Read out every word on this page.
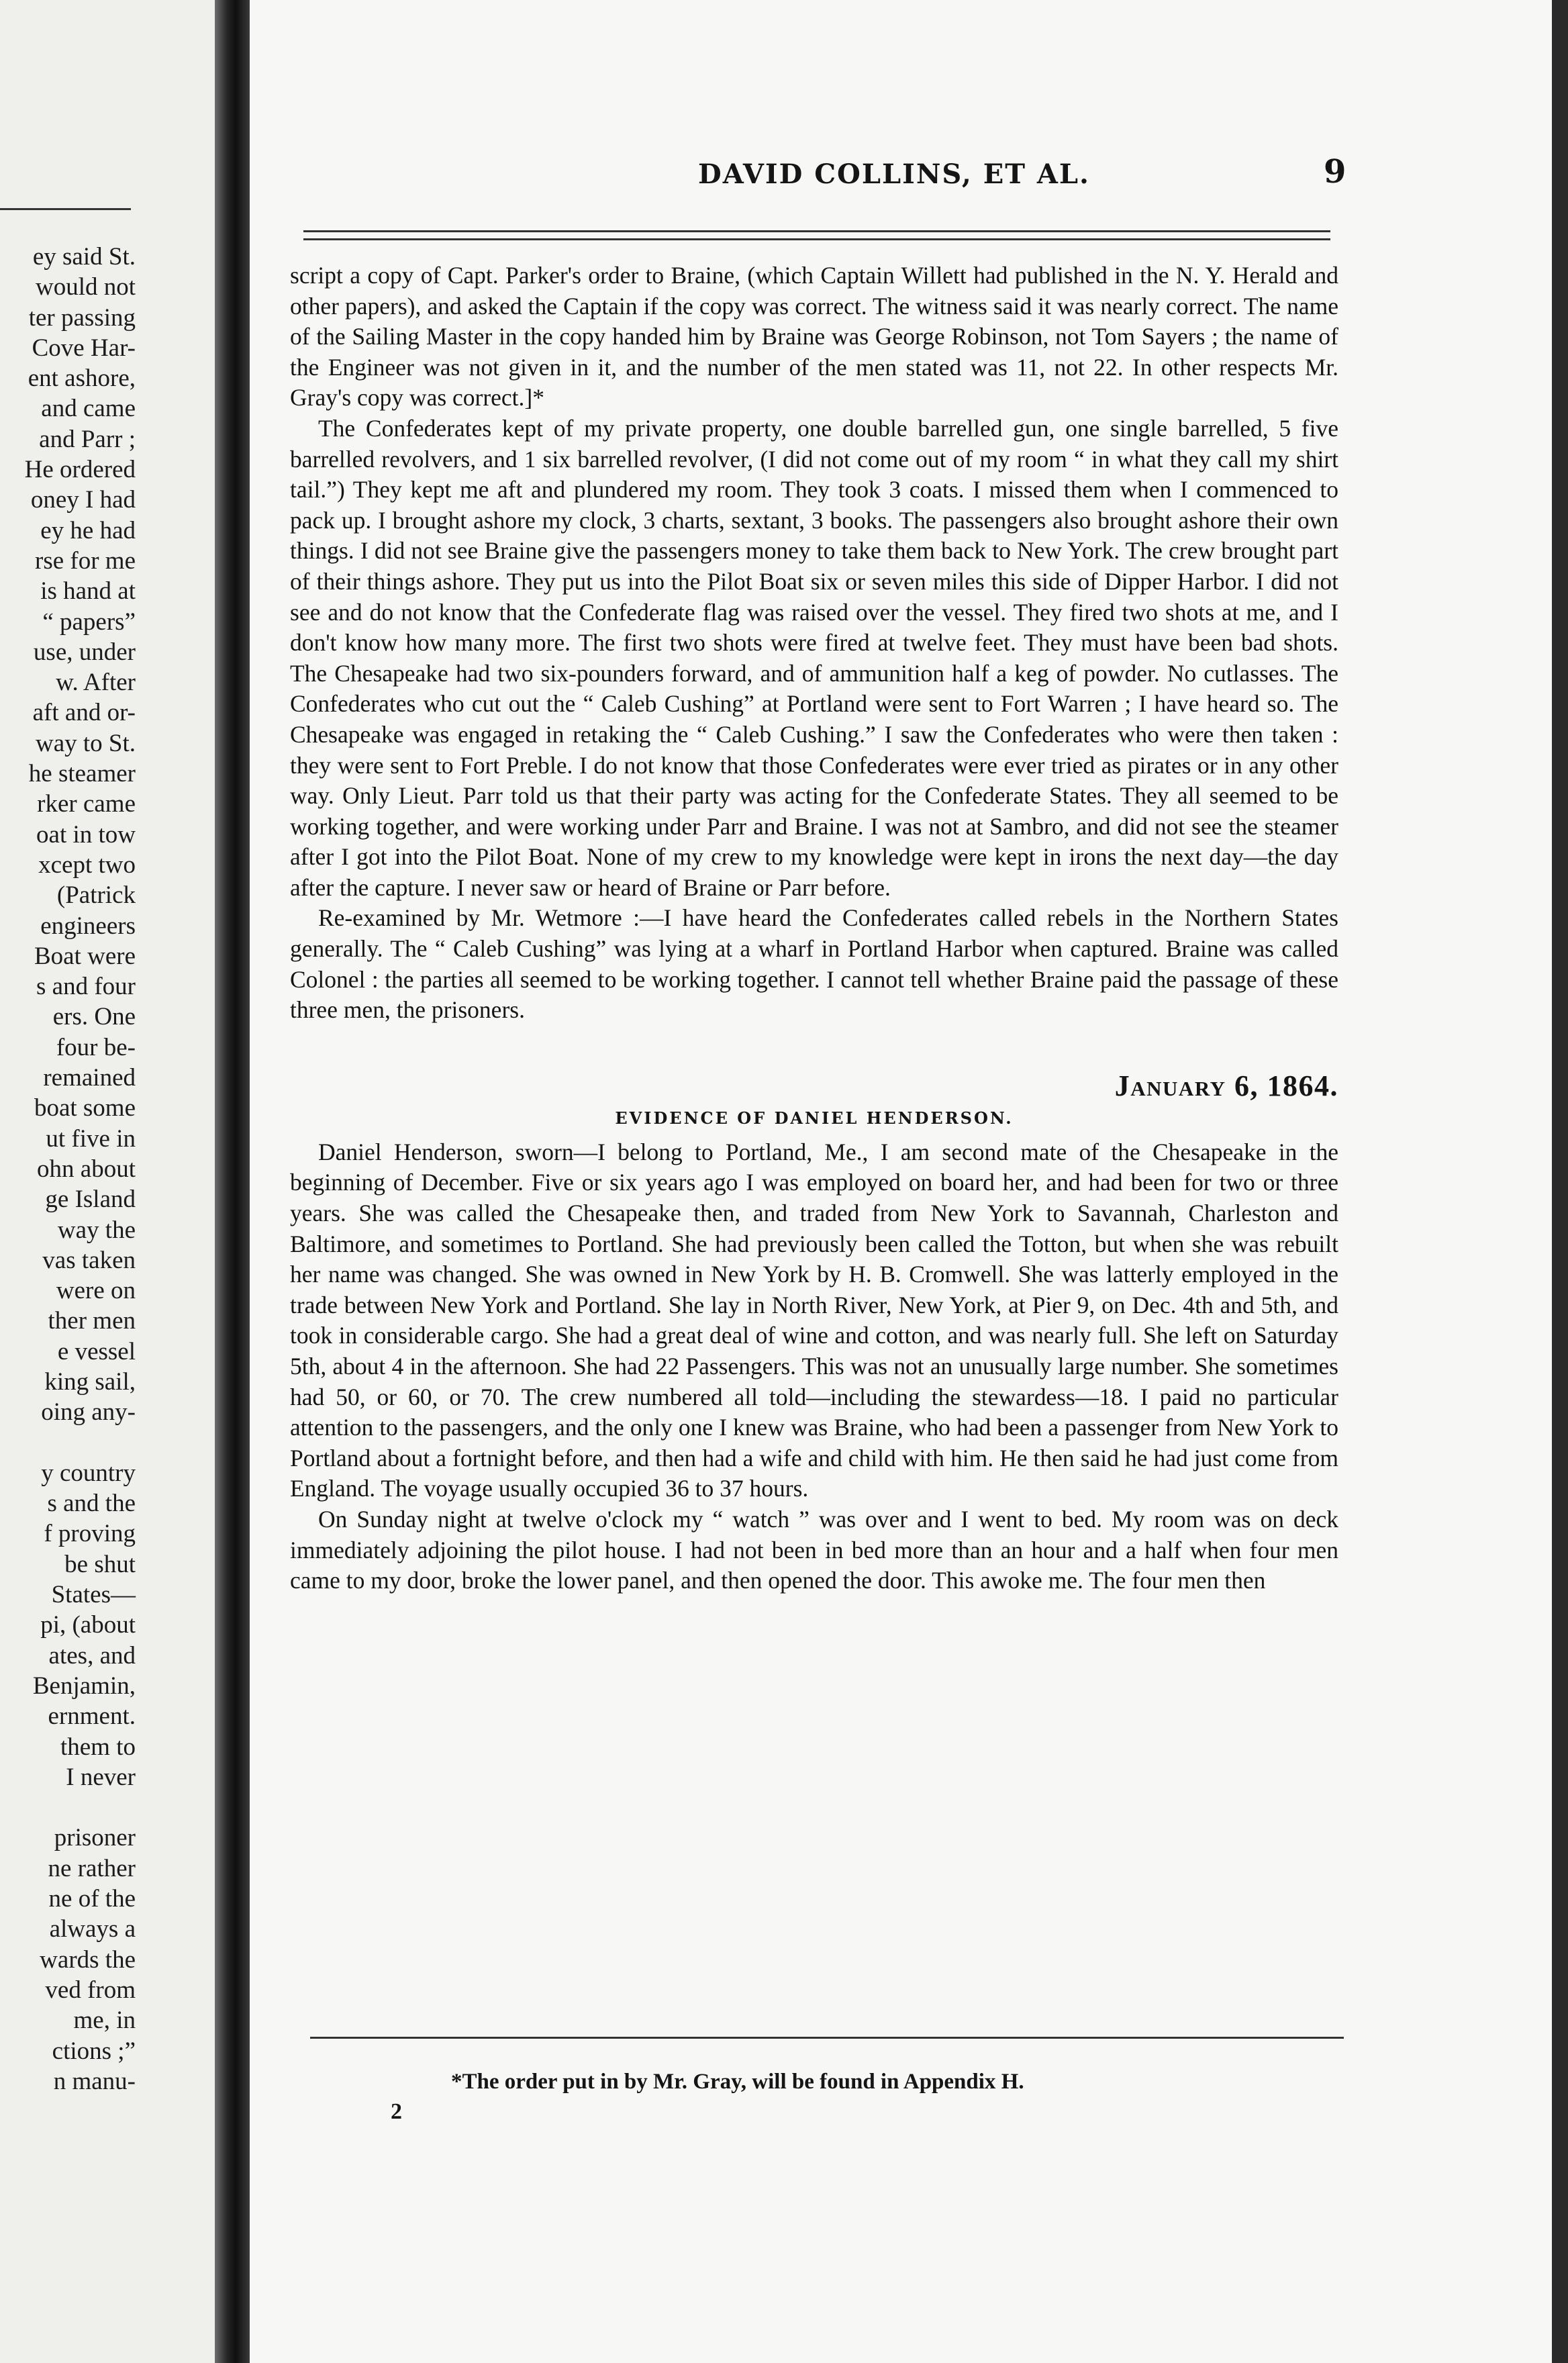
ey said St.
would not
ter passing
Cove Har-
ent ashore,
and came
and Parr ;
He ordered
oney I had
ey he had
rse for me
is hand at
“ papers”
use, under
w. After
aft and or-
way to St.
he steamer
rker came
oat in tow
xcept two
(Patrick
engineers
Boat were
s and four
ers. One
four be-
remained
boat some
ut five in
ohn about
ge Island
way the
vas taken
were on
ther men
e vessel
king sail,
oing any-
y country
s and the
f proving
be shut
States—
pi, (about
ates, and
Benjamin,
ernment.
them to
I never
prisoner
ne rather
ne of the
always a
wards the
ved from
me, in
ctions ;”
n manu-
DAVID COLLINS, ET AL.	9

script a copy of Capt. Parker's order to Braine, (which Captain Willett had published in the N. Y. Herald and other papers), and asked the Captain if the copy was correct. The witness said it was nearly correct. The name of the Sailing Master in the copy handed him by Braine was George Robinson, not Tom Sayers ; the name of the Engineer was not given in it, and the number of the men stated was 11, not 22. In other respects Mr. Gray's copy was correct.]*

The Confederates kept of my private property, one double barrelled gun, one single barrelled, 5 five barrelled revolvers, and 1 six barrelled revolver, (I did not come out of my room “ in what they call my shirt tail.”) They kept me aft and plundered my room. They took 3 coats. I missed them when I commenced to pack up. I brought ashore my clock, 3 charts, sextant, 3 books. The passengers also brought ashore their own things. I did not see Braine give the passengers money to take them back to New York. The crew brought part of their things ashore. They put us into the Pilot Boat six or seven miles this side of Dipper Harbor. I did not see and do not know that the Confederate flag was raised over the vessel. They fired two shots at me, and I don't know how many more. The first two shots were fired at twelve feet. They must have been bad shots. The Chesapeake had two six-pounders forward, and of ammunition half a keg of powder. No cutlasses. The Confederates who cut out the “ Caleb Cushing” at Portland were sent to Fort Warren ; I have heard so. The Chesapeake was engaged in retaking the “ Caleb Cushing.” I saw the Confederates who were then taken : they were sent to Fort Preble. I do not know that those Confederates were ever tried as pirates or in any other way. Only Lieut. Parr told us that their party was acting for the Confederate States. They all seemed to be working together, and were working under Parr and Braine. I was not at Sambro, and did not see the steamer after I got into the Pilot Boat. None of my crew to my knowledge were kept in irons the next day—the day after the capture. I never saw or heard of Braine or Parr before.

Re-examined by Mr. Wetmore :—I have heard the Confederates called rebels in the Northern States generally. The “ Caleb Cushing” was lying at a wharf in Portland Harbor when captured. Braine was called Colonel : the parties all seemed to be working together. I cannot tell whether Braine paid the passage of these three men, the prisoners.

January 6, 1864.
EVIDENCE OF DANIEL HENDERSON.

Daniel Henderson, sworn—I belong to Portland, Me., I am second mate of the Chesapeake in the beginning of December. Five or six years ago I was employed on board her, and had been for two or three years. She was called the Chesapeake then, and traded from New York to Savannah, Charleston and Baltimore, and sometimes to Portland. She had previously been called the Totton, but when she was rebuilt her name was changed. She was owned in New York by H. B. Cromwell. She was latterly employed in the trade between New York and Portland. She lay in North River, New York, at Pier 9, on Dec. 4th and 5th, and took in considerable cargo. She had a great deal of wine and cotton, and was nearly full. She left on Saturday 5th, about 4 in the afternoon. She had 22 Passengers. This was not an unusually large number. She sometimes had 50, or 60, or 70. The crew numbered all told—including the stewardess—18. I paid no particular attention to the passengers, and the only one I knew was Braine, who had been a passenger from New York to Portland about a fortnight before, and then had a wife and child with him. He then said he had just come from England. The voyage usually occupied 36 to 37 hours.

On Sunday night at twelve o'clock my “ watch ” was over and I went to bed. My room was on deck immediately adjoining the pilot house. I had not been in bed more than an hour and a half when four men came to my door, broke the lower panel, and then opened the door. This awoke me. The four men then

*The order put in by Mr. Gray, will be found in Appendix H.
2
